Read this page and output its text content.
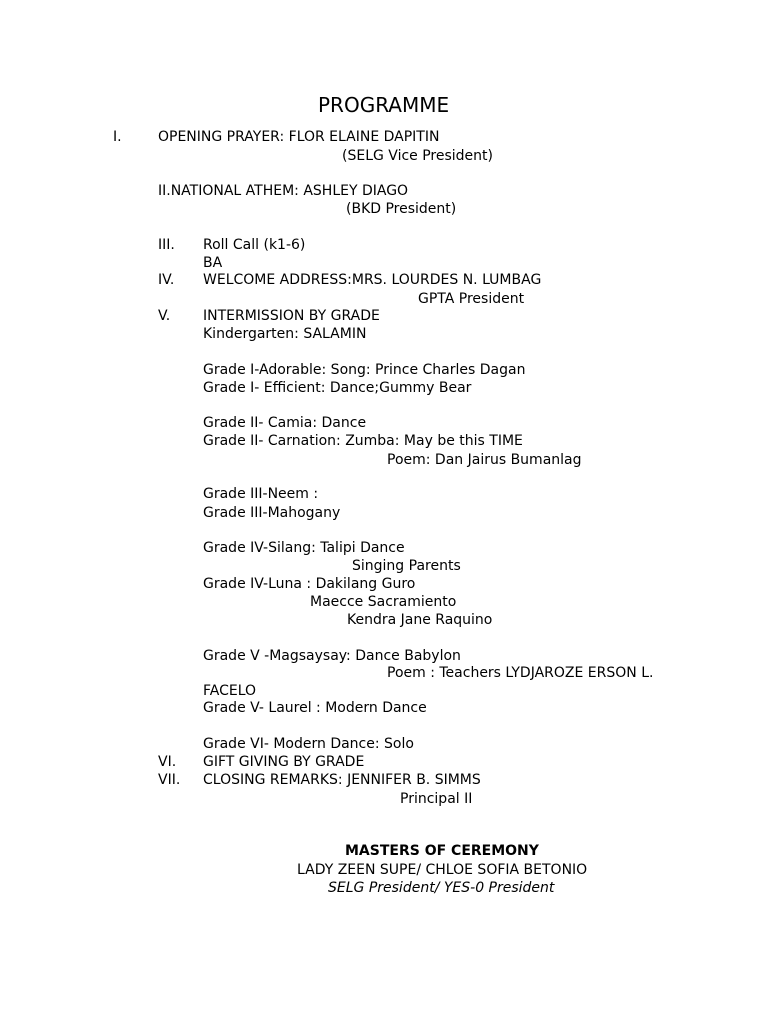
PROGRAMME
I.	OPENING PRAYER: FLOR ELAINE DAPITIN
(SELG Vice President)
II.NATIONAL ATHEM: ASHLEY DIAGO
(BKD President)
III. Roll Call (k1-6)
BA
IV. WELCOME ADDRESS:MRS. LOURDES N. LUMBAG
GPTA President
V. INTERMISSION BY GRADE
Kindergarten: SALAMIN
Grade I-Adorable: Song: Prince Charles Dagan
Grade I- Efficient: Dance;Gummy Bear
Grade II- Camia: Dance
Grade II- Carnation: Zumba: May be this TIME
Poem: Dan Jairus Bumanlag
Grade III-Neem :
Grade III-Mahogany
Grade IV-Silang: Talipi Dance
Singing Parents
Grade IV-Luna : Dakilang Guro
Maecce Sacramiento
Kendra Jane Raquino
Grade V -Magsaysay: Dance Babylon
Poem : Teachers LYDJAROZE ERSON L.
FACELO
Grade V- Laurel : Modern Dance
Grade VI- Modern Dance: Solo
VI. GIFT GIVING BY GRADE
VII. CLOSING REMARKS: JENNIFER B. SIMMS
Principal II
MASTERS OF CEREMONY
LADY ZEEN SUPE/ CHLOE SOFIA BETONIO
SELG President/ YES-0 President
